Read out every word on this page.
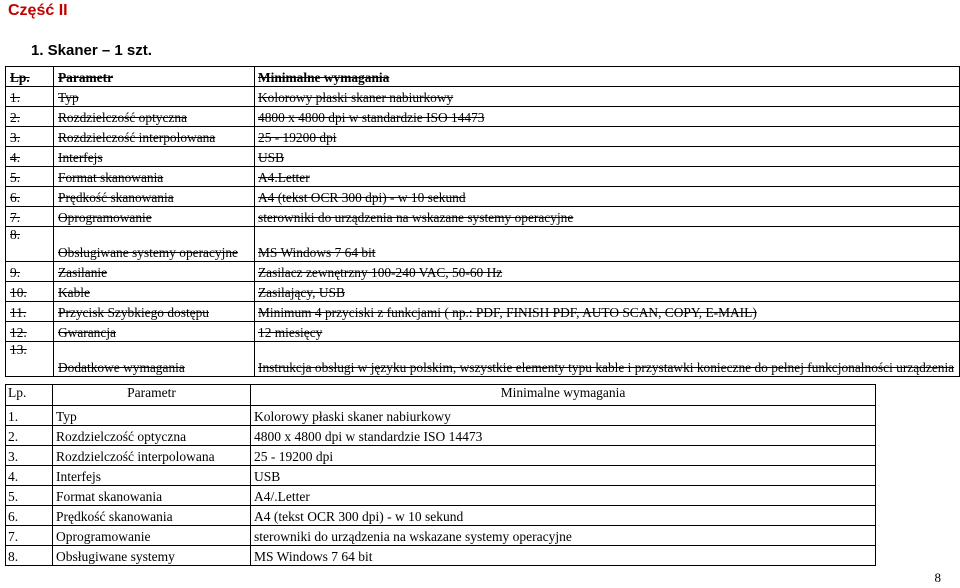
Część II
1. Skaner – 1 szt.
Lp.	Parametr	Minimalne wymagania
1.	Typ	Kolorowy płaski skaner nabiurkowy
2.	Rozdzielczość optyczna	4800 x 4800 dpi w standardzie ISO 14473
3.	Rozdzielczość interpolowana	25 - 19200 dpi
4.	Interfejs	USB
5.	Format skanowania	A4.Letter
6.	Prędkość skanowania	A4 (tekst OCR 300 dpi) - w 10 sekund
7.	Oprogramowanie	sterowniki do urządzenia na wskazane systemy operacyjne
8.	Obsługiwane systemy operacyjne	MS Windows 7 64 bit
9.	Zasilanie	Zasilacz zewnętrzny 100-240 VAC, 50-60 Hz
10.	Kable	Zasilający, USB
11.	Przycisk Szybkiego dostępu	Minimum 4 przyciski z funkcjami ( np.: PDF, FINISH PDF, AUTO SCAN, COPY, E-MAIL)
12.	Gwarancja	12 miesięcy
13.	Dodatkowe wymagania	Instrukcja obsługi w języku polskim, wszystkie elementy typu kable i przystawki konieczne do pełnej funkcjonalności urządzenia
Lp.	Parametr	Minimalne wymagania
1.	Typ	Kolorowy płaski skaner nabiurkowy
2.	Rozdzielczość optyczna	4800 x 4800 dpi w standardzie ISO 14473
3.	Rozdzielczość interpolowana	25 - 19200 dpi
4.	Interfejs	USB
5.	Format skanowania	A4/.Letter
6.	Prędkość skanowania	A4 (tekst OCR 300 dpi) - w 10 sekund
7.	Oprogramowanie	sterowniki do urządzenia na wskazane systemy operacyjne
8.	Obsługiwane systemy	MS Windows 7 64 bit
8
